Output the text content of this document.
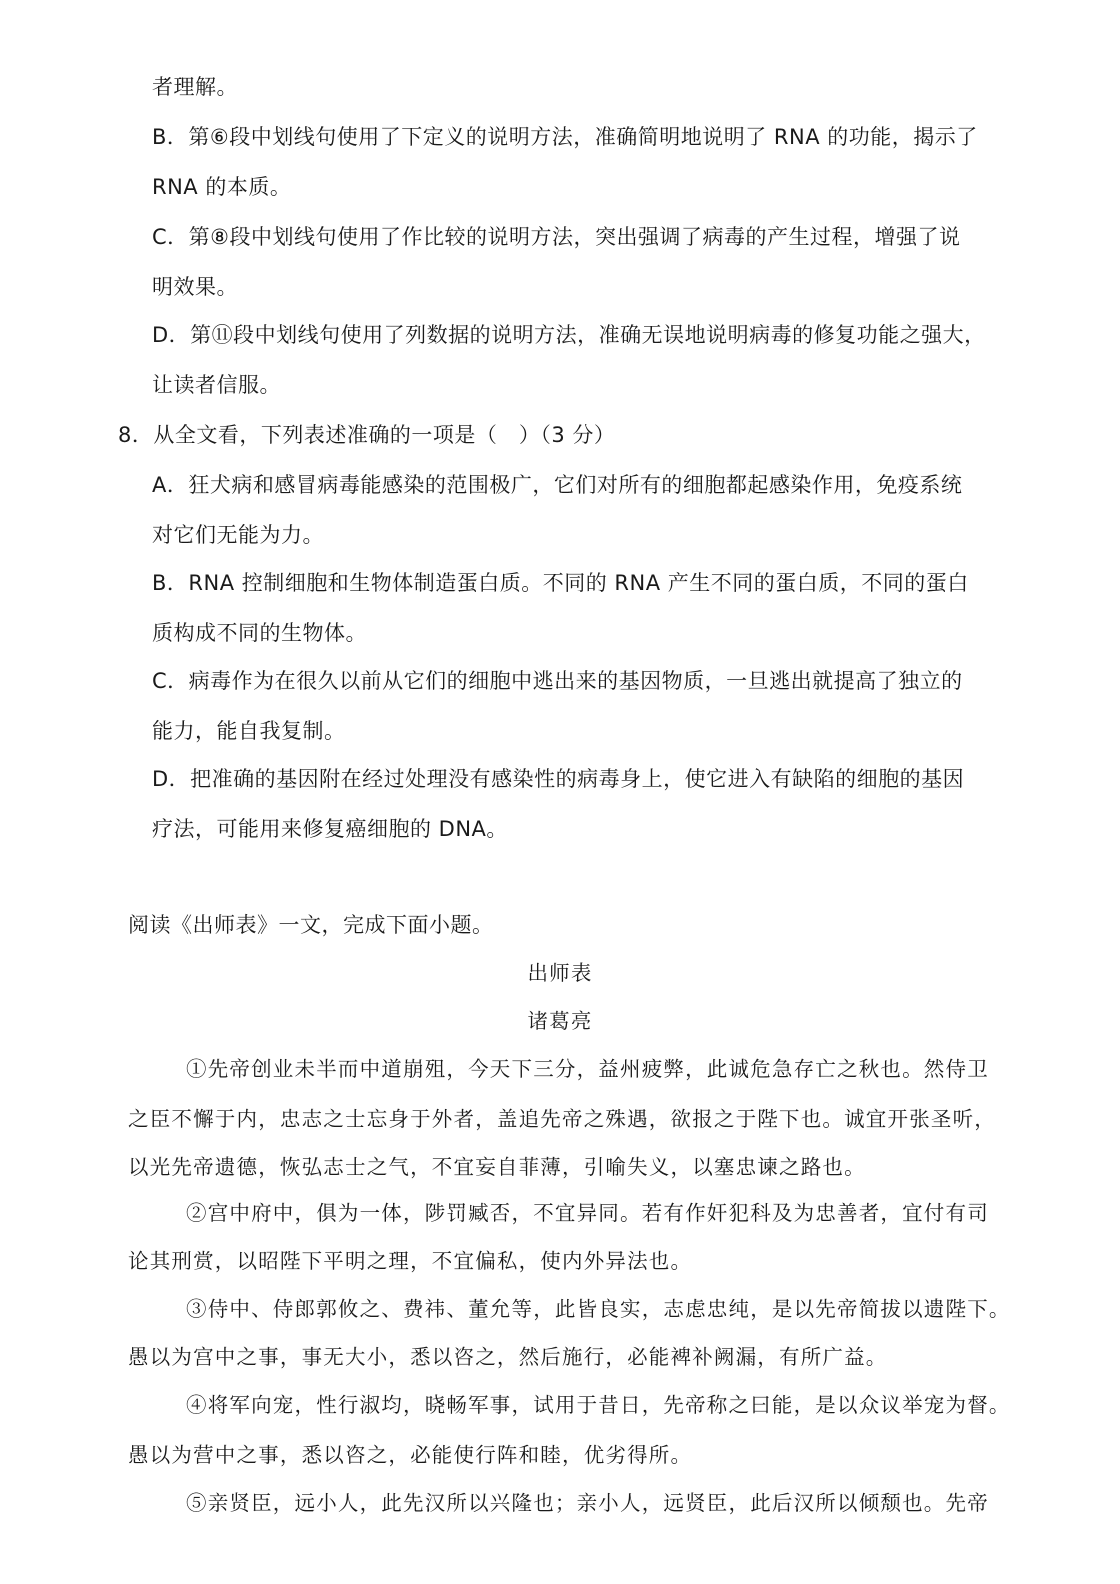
者理解。
B．第⑥段中划线句使用了下定义的说明方法，准确简明地说明了 RNA 的功能，揭示了
RNA 的本质。
C．第⑧段中划线句使用了作比较的说明方法，突出强调了病毒的产生过程，增强了说
明效果。
D．第⑪段中划线句使用了列数据的说明方法，准确无误地说明病毒的修复功能之强大，
让读者信服。
8．从全文看，下列表述准确的一项是（　）（3 分）
A．狂犬病和感冒病毒能感染的范围极广，它们对所有的细胞都起感染作用，免疫系统
对它们无能为力。
B．RNA 控制细胞和生物体制造蛋白质。不同的 RNA 产生不同的蛋白质，不同的蛋白
质构成不同的生物体。
C．病毒作为在很久以前从它们的细胞中逃出来的基因物质，一旦逃出就提高了独立的
能力，能自我复制。
D．把准确的基因附在经过处理没有感染性的病毒身上，使它进入有缺陷的细胞的基因
疗法，可能用来修复癌细胞的 DNA。
阅读《出师表》一文，完成下面小题。
出师表
诸葛亮
①先帝创业未半而中道崩殂，今天下三分，益州疲弊，此诚危急存亡之秋也。然侍卫
之臣不懈于内，忠志之士忘身于外者，盖追先帝之殊遇，欲报之于陛下也。诚宜开张圣听，
以光先帝遗德，恢弘志士之气，不宜妄自菲薄，引喻失义，以塞忠谏之路也。
②宫中府中，俱为一体，陟罚臧否，不宜异同。若有作奸犯科及为忠善者，宜付有司
论其刑赏，以昭陛下平明之理，不宜偏私，使内外异法也。
③侍中、侍郎郭攸之、费祎、董允等，此皆良实，志虑忠纯，是以先帝简拔以遗陛下。
愚以为宫中之事，事无大小，悉以咨之，然后施行，必能裨补阙漏，有所广益。
④将军向宠，性行淑均，晓畅军事，试用于昔日，先帝称之曰能，是以众议举宠为督。
愚以为营中之事，悉以咨之，必能使行阵和睦，优劣得所。
⑤亲贤臣，远小人，此先汉所以兴隆也；亲小人，远贤臣，此后汉所以倾颓也。先帝
